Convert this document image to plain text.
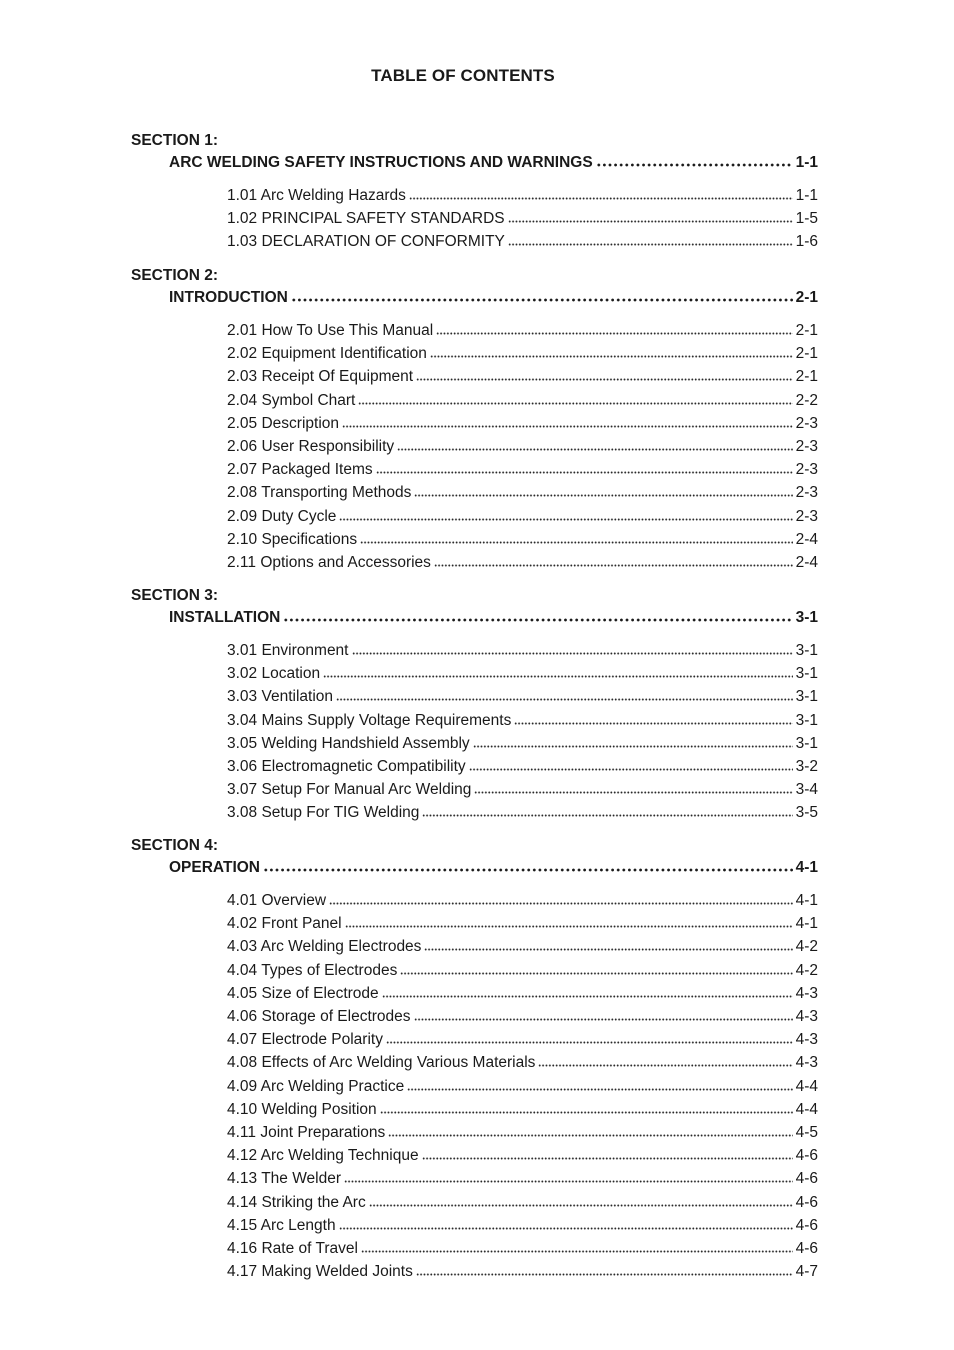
TABLE OF CONTENTS
SECTION 1:
ARC WELDING SAFETY INSTRUCTIONS AND WARNINGS	1-1
1.01 Arc Welding Hazards	1-1
1.02 PRINCIPAL SAFETY STANDARDS	1-5
1.03 DECLARATION OF CONFORMITY	1-6
SECTION 2:
INTRODUCTION	2-1
2.01 How To Use This Manual	2-1
2.02 Equipment Identification	2-1
2.03 Receipt Of Equipment	2-1
2.04 Symbol Chart	2-2
2.05 Description	2-3
2.06 User Responsibility	2-3
2.07 Packaged Items	2-3
2.08 Transporting Methods	2-3
2.09 Duty Cycle	2-3
2.10 Specifications	2-4
2.11 Options and Accessories	2-4
SECTION 3:
INSTALLATION	3-1
3.01 Environment	3-1
3.02 Location	3-1
3.03 Ventilation	3-1
3.04 Mains Supply Voltage Requirements	3-1
3.05 Welding Handshield Assembly	3-1
3.06 Electromagnetic Compatibility	3-2
3.07 Setup For Manual Arc Welding	3-4
3.08 Setup For TIG Welding	3-5
SECTION 4:
OPERATION	4-1
4.01 Overview	4-1
4.02 Front Panel	4-1
4.03 Arc Welding Electrodes	4-2
4.04 Types of Electrodes	4-2
4.05 Size of Electrode	4-3
4.06 Storage of Electrodes	4-3
4.07 Electrode Polarity	4-3
4.08 Effects of Arc Welding Various Materials	4-3
4.09 Arc Welding Practice	4-4
4.10 Welding Position	4-4
4.11 Joint Preparations	4-5
4.12 Arc Welding Technique	4-6
4.13 The Welder	4-6
4.14 Striking the Arc	4-6
4.15 Arc Length	4-6
4.16 Rate of Travel	4-6
4.17 Making Welded Joints	4-7
